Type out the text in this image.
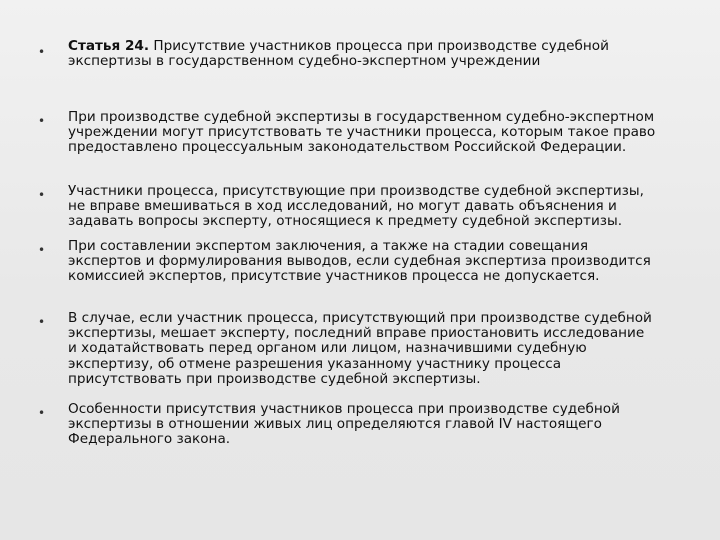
• Статья 24. Присутствие участников процесса при производстве судебной экспертизы в государственном судебно-экспертном учреждении
• При производстве судебной экспертизы в государственном судебно-экспертном учреждении могут присутствовать те участники процесса, которым такое право предоставлено процессуальным законодательством Российской Федерации.
• Участники процесса, присутствующие при производстве судебной экспертизы, не вправе вмешиваться в ход исследований, но могут давать объяснения и задавать вопросы эксперту, относящиеся к предмету судебной экспертизы.
• При составлении экспертом заключения, а также на стадии совещания экспертов и формулирования выводов, если судебная экспертиза производится комиссией экспертов, присутствие участников процесса не допускается.
• В случае, если участник процесса, присутствующий при производстве судебной экспертизы, мешает эксперту, последний вправе приостановить исследование и ходатайствовать перед органом или лицом, назначившими судебную экспертизу, об отмене разрешения указанному участнику процесса присутствовать при производстве судебной экспертизы.
• Особенности присутствия участников процесса при производстве судебной экспертизы в отношении живых лиц определяются главой IV настоящего Федерального закона.
